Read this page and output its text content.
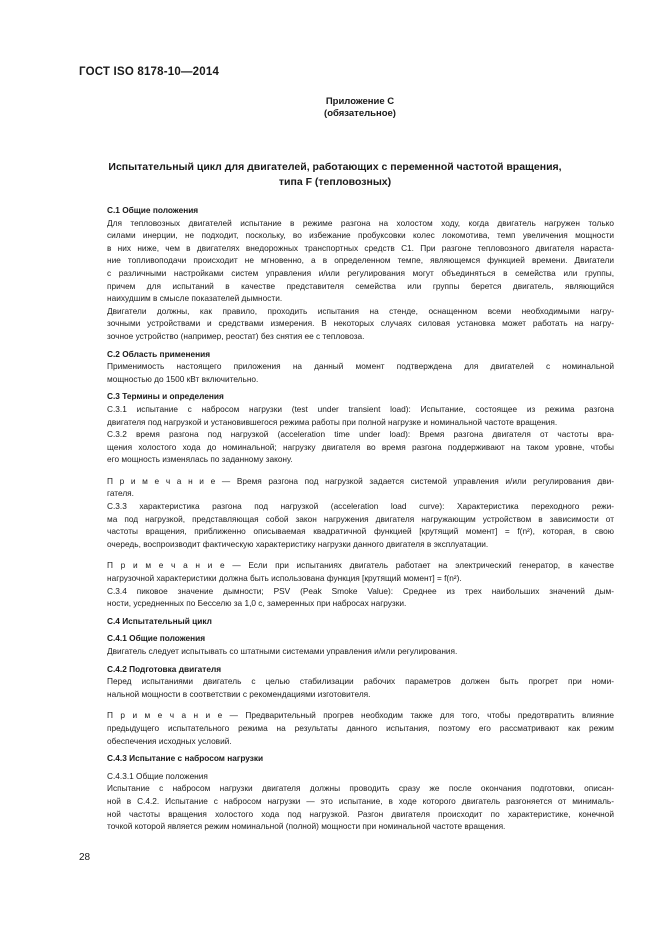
ГОСТ ISO 8178-10—2014
Приложение С
(обязательное)
Испытательный цикл для двигателей, работающих с переменной частотой вращения,
типа F (тепловозных)

С.1 Общие положения

Для тепловозных двигателей испытание в режиме разгона на холостом ходу, когда двигатель нагружен только
силами инерции, не подходит, поскольку, во избежание пробуксовки колес локомотива, темп увеличения мощности
в них ниже, чем в двигателях внедорожных транспортных средств С1. При разгоне тепловозного двигателя нараста-
ние топливоподачи происходит не мгновенно, а в определенном темпе, являющемся функцией времени. Двигатели
с различными настройками систем управления и/или регулирования могут объединяться в семейства или группы,
причем для испытаний в качестве представителя семейства или группы берется двигатель, являющийся
наихудшим в смысле показателей дымности.

Двигатели должны, как правило, проходить испытания на стенде, оснащенном всеми необходимыми нагру-
зочными устройствами и средствами измерения. В некоторых случаях силовая установка может работать на нагру-
зочное устройство (например, реостат) без снятия ее с тепловоза.

С.2 Область применения

Применимость настоящего приложения на данный момент подтверждена для двигателей с номинальной
мощностью до 1500 кВт включительно.

С.3 Термины и определения

С.3.1 испытание с набросом нагрузки (test under transient load): Испытание, состоящее из режима разгона
двигателя под нагрузкой и установившегося режима работы при полной нагрузке и номинальной частоте вращения.

С.3.2 время разгона под нагрузкой (acceleration time under load): Время разгона двигателя от частоты вра-
щения холостого хода до номинальной; нагрузку двигателя во время разгона поддерживают на таком уровне, чтобы
его мощность изменялась по заданному закону.

П р и м е ч а н и е — Время разгона под нагрузкой задается системой управления и/или регулирования дви-
гателя.

С.3.3 характеристика разгона под нагрузкой (acceleration load curve): Характеристика переходного режи-
ма под нагрузкой, представляющая собой закон нагружения двигателя нагружающим устройством в зависимости от
частоты вращения, приближенно описываемая квадратичной функцией [крутящий момент] = f(n²), которая, в свою
очередь, воспроизводит фактическую характеристику нагрузки данного двигателя в эксплуатации.

П р и м е ч а н и е — Если при испытаниях двигатель работает на электрический генератор, в качестве
нагрузочной характеристики должна быть использована функция [крутящий момент] = f(n²).

С.3.4 пиковое значение дымности; PSV (Peak Smoke Value): Среднее из трех наибольших значений дым-
ности, усредненных по Бесселю за 1,0 с, замеренных при набросах нагрузки.

С.4 Испытательный цикл

С.4.1 Общие положения

Двигатель следует испытывать со штатными системами управления и/или регулирования.

С.4.2 Подготовка двигателя

Перед испытаниями двигатель с целью стабилизации рабочих параметров должен быть прогрет при номи-
нальной мощности в соответствии с рекомендациями изготовителя.

П р и м е ч а н и е — Предварительный прогрев необходим также для того, чтобы предотвратить влияние
предыдущего испытательного режима на результаты данного испытания, поэтому его рассматривают как режим
обеспечения исходных условий.

С.4.3 Испытание с набросом нагрузки

С.4.3.1 Общие положения

Испытание с набросом нагрузки двигателя должны проводить сразу же после окончания подготовки, описан-
ной в С.4.2. Испытание с набросом нагрузки — это испытание, в ходе которого двигатель разгоняется от минималь-
ной частоты вращения холостого хода под нагрузкой. Разгон двигателя происходит по характеристике, конечной
точкой которой является режим номинальной (полной) мощности при номинальной частоте вращения.

28
